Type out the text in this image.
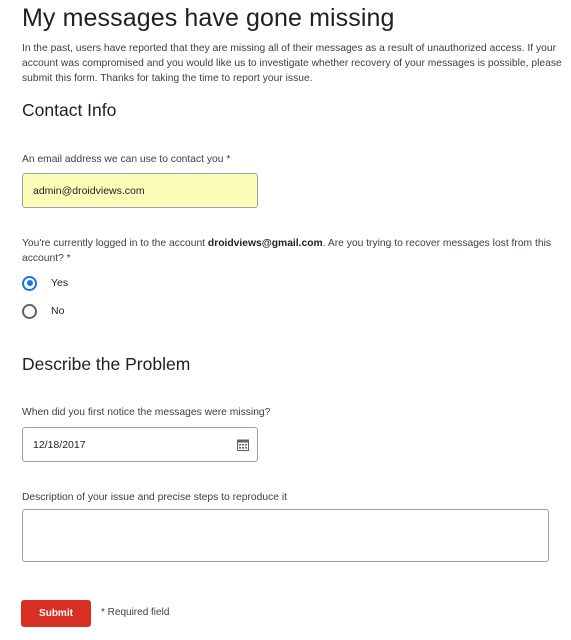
My messages have gone missing

In the past, users have reported that they are missing all of their messages as a result of unauthorized access. If your account was compromised and you would like us to investigate whether recovery of your messages is possible, please submit this form. Thanks for taking the time to report your issue.

Contact Info
An email address we can use to contact you *
admin@droidviews.com
You're currently logged in to the account droidviews@gmail.com. Are you trying to recover messages lost from this account? *
Yes
No
Describe the Problem
When did you first notice the messages were missing?
12/18/2017
Description of your issue and precise steps to reproduce it
Submit	* Required field
